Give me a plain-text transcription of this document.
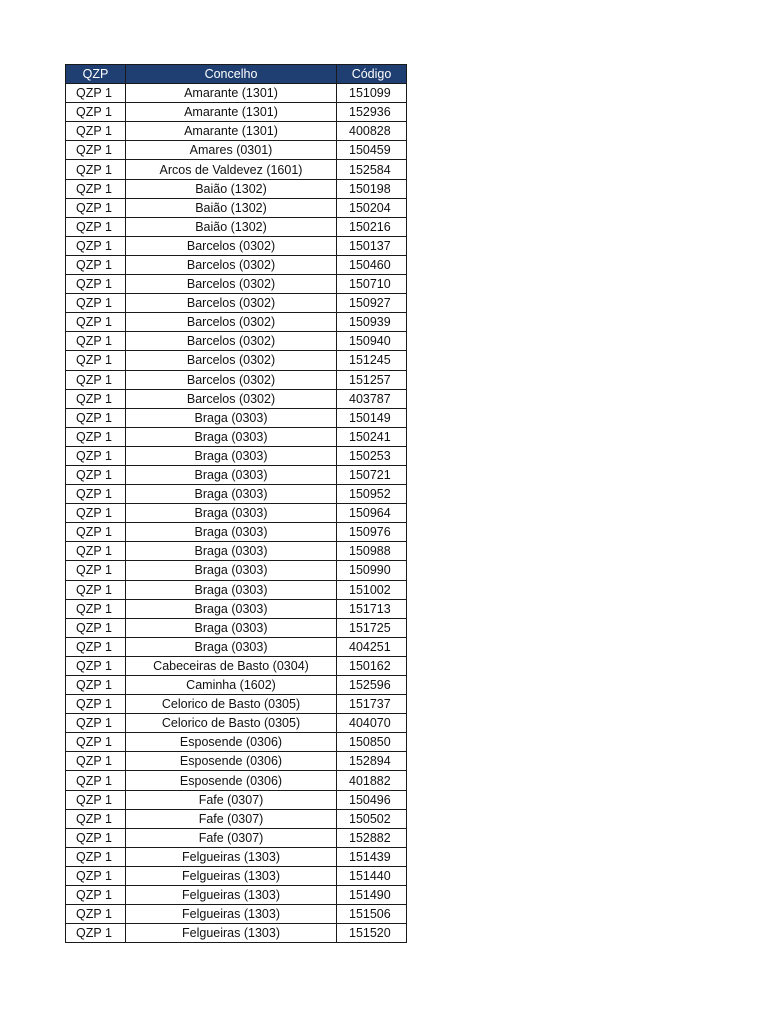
QZP	Concelho	Código
QZP 1	Amarante (1301)	151099
QZP 1	Amarante (1301)	152936
QZP 1	Amarante (1301)	400828
QZP 1	Amares (0301)	150459
QZP 1	Arcos de Valdevez (1601)	152584
QZP 1	Baião (1302)	150198
QZP 1	Baião (1302)	150204
QZP 1	Baião (1302)	150216
QZP 1	Barcelos (0302)	150137
QZP 1	Barcelos (0302)	150460
QZP 1	Barcelos (0302)	150710
QZP 1	Barcelos (0302)	150927
QZP 1	Barcelos (0302)	150939
QZP 1	Barcelos (0302)	150940
QZP 1	Barcelos (0302)	151245
QZP 1	Barcelos (0302)	151257
QZP 1	Barcelos (0302)	403787
QZP 1	Braga (0303)	150149
QZP 1	Braga (0303)	150241
QZP 1	Braga (0303)	150253
QZP 1	Braga (0303)	150721
QZP 1	Braga (0303)	150952
QZP 1	Braga (0303)	150964
QZP 1	Braga (0303)	150976
QZP 1	Braga (0303)	150988
QZP 1	Braga (0303)	150990
QZP 1	Braga (0303)	151002
QZP 1	Braga (0303)	151713
QZP 1	Braga (0303)	151725
QZP 1	Braga (0303)	404251
QZP 1	Cabeceiras de Basto (0304)	150162
QZP 1	Caminha (1602)	152596
QZP 1	Celorico de Basto (0305)	151737
QZP 1	Celorico de Basto (0305)	404070
QZP 1	Esposende (0306)	150850
QZP 1	Esposende (0306)	152894
QZP 1	Esposende (0306)	401882
QZP 1	Fafe (0307)	150496
QZP 1	Fafe (0307)	150502
QZP 1	Fafe (0307)	152882
QZP 1	Felgueiras (1303)	151439
QZP 1	Felgueiras (1303)	151440
QZP 1	Felgueiras (1303)	151490
QZP 1	Felgueiras (1303)	151506
QZP 1	Felgueiras (1303)	151520
